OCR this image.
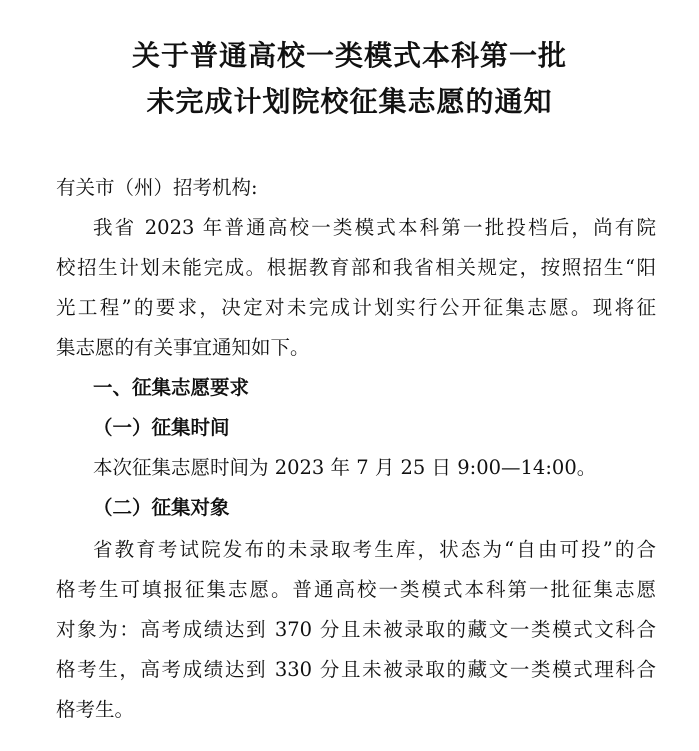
关于普通高校一类模式本科第一批
未完成计划院校征集志愿的通知
有关市（州）招考机构:
我省 2023 年普通高校一类模式本科第一批投档后，尚有院
校招生计划未能完成。根据教育部和我省相关规定，按照招生“阳
光工程”的要求，决定对未完成计划实行公开征集志愿。现将征
集志愿的有关事宜通知如下。
一、征集志愿要求
（一）征集时间
本次征集志愿时间为 2023 年 7 月 25 日 9:00—14:00。
（二）征集对象
省教育考试院发布的未录取考生库，状态为“自由可投”的合
格考生可填报征集志愿。普通高校一类模式本科第一批征集志愿
对象为：高考成绩达到 370 分且未被录取的藏文一类模式文科合
格考生，高考成绩达到 330 分且未被录取的藏文一类模式理科合
格考生。
